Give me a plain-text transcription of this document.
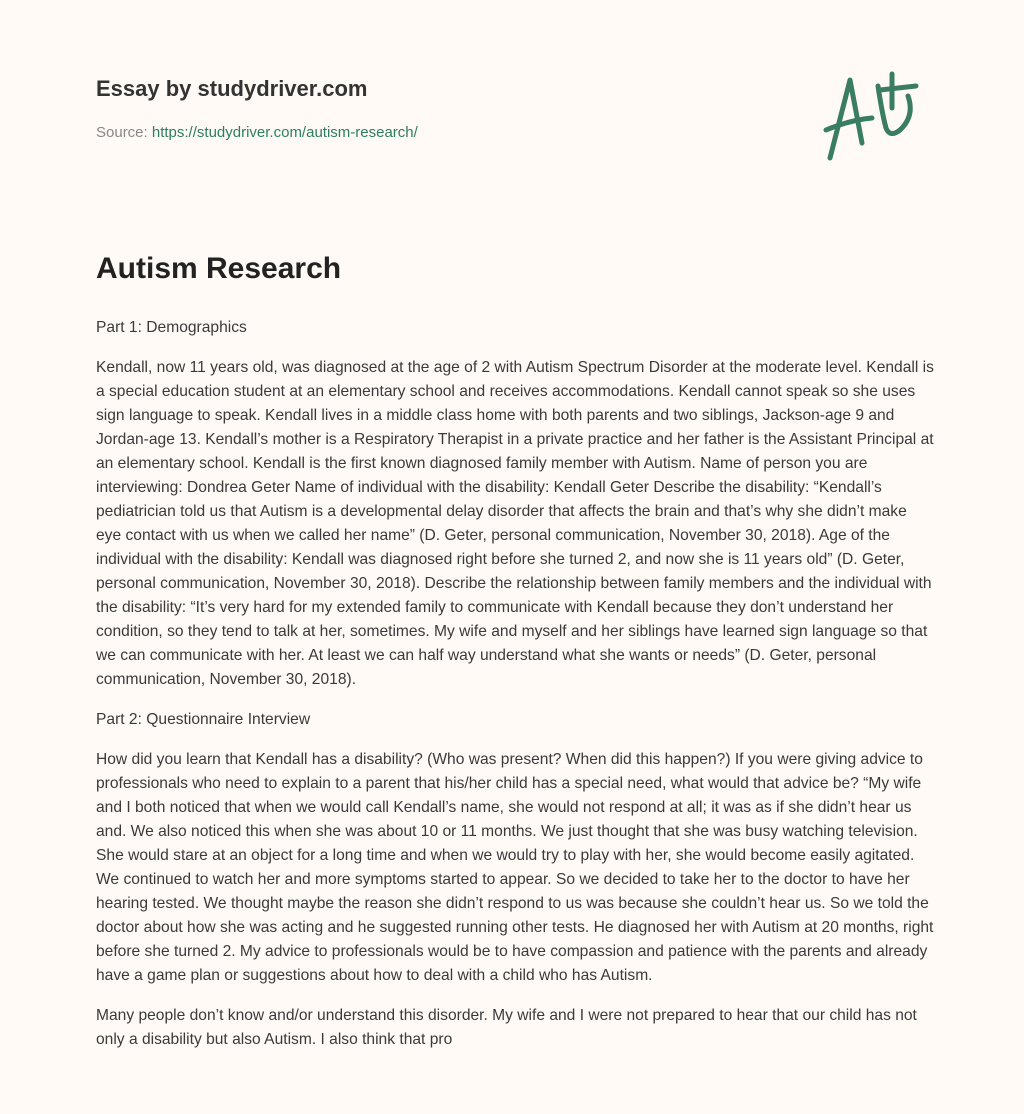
Essay by studydriver.com
Source: https://studydriver.com/autism-research/
Autism Research

Part 1: Demographics

Kendall, now 11 years old, was diagnosed at the age of 2 with Autism Spectrum Disorder at the moderate level. Kendall is a special education student at an elementary school and receives accommodations. Kendall cannot speak so she uses sign language to speak. Kendall lives in a middle class home with both parents and two siblings, Jackson-age 9 and Jordan-age 13. Kendall’s mother is a Respiratory Therapist in a private practice and her father is the Assistant Principal at an elementary school. Kendall is the first known diagnosed family member with Autism. Name of person you are interviewing: Dondrea Geter Name of individual with the disability: Kendall Geter Describe the disability: “Kendall’s pediatrician told us that Autism is a developmental delay disorder that affects the brain and that’s why she didn’t make eye contact with us when we called her name” (D. Geter, personal communication, November 30, 2018). Age of the individual with the disability: Kendall was diagnosed right before she turned 2, and now she is 11 years old” (D. Geter, personal communication, November 30, 2018). Describe the relationship between family members and the individual with the disability: “It’s very hard for my extended family to communicate with Kendall because they don’t understand her condition, so they tend to talk at her, sometimes. My wife and myself and her siblings have learned sign language so that we can communicate with her. At least we can half way understand what she wants or needs” (D. Geter, personal communication, November 30, 2018).

Part 2: Questionnaire Interview

How did you learn that Kendall has a disability? (Who was present? When did this happen?) If you were giving advice to professionals who need to explain to a parent that his/her child has a special need, what would that advice be? “My wife and I both noticed that when we would call Kendall’s name, she would not respond at all; it was as if she didn’t hear us and. We also noticed this when she was about 10 or 11 months. We just thought that she was busy watching television. She would stare at an object for a long time and when we would try to play with her, she would become easily agitated. We continued to watch her and more symptoms started to appear. So we decided to take her to the doctor to have her hearing tested. We thought maybe the reason she didn’t respond to us was because she couldn’t hear us. So we told the doctor about how she was acting and he suggested running other tests. He diagnosed her with Autism at 20 months, right before she turned 2. My advice to professionals would be to have compassion and patience with the parents and already have a game plan or suggestions about how to deal with a child who has Autism.

Many people don’t know and/or understand this disorder. My wife and I were not prepared to hear that our child has not only a disability but also Autism. I also think that pro
